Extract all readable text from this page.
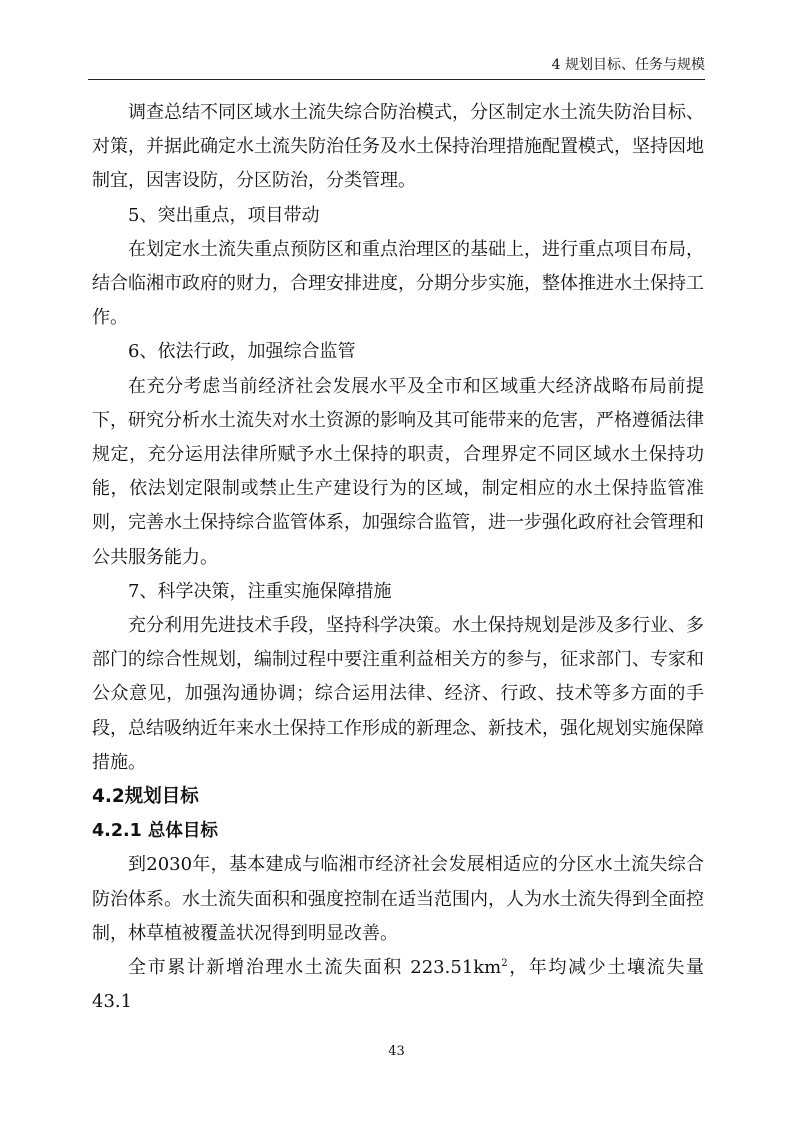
4 规划目标、任务与规模

调查总结不同区域水土流失综合防治模式，分区制定水土流失防治目标、对策，并据此确定水土流失防治任务及水土保持治理措施配置模式，坚持因地制宜，因害设防，分区防治，分类管理。

5、突出重点，项目带动

在划定水土流失重点预防区和重点治理区的基础上，进行重点项目布局，结合临湘市政府的财力，合理安排进度，分期分步实施，整体推进水土保持工作。

6、依法行政，加强综合监管

在充分考虑当前经济社会发展水平及全市和区域重大经济战略布局前提下，研究分析水土流失对水土资源的影响及其可能带来的危害，严格遵循法律规定，充分运用法律所赋予水土保持的职责，合理界定不同区域水土保持功能，依法划定限制或禁止生产建设行为的区域，制定相应的水土保持监管准则，完善水土保持综合监管体系，加强综合监管，进一步强化政府社会管理和公共服务能力。

7、科学决策，注重实施保障措施

充分利用先进技术手段，坚持科学决策。水土保持规划是涉及多行业、多部门的综合性规划，编制过程中要注重利益相关方的参与，征求部门、专家和公众意见，加强沟通协调；综合运用法律、经济、行政、技术等多方面的手段，总结吸纳近年来水土保持工作形成的新理念、新技术，强化规划实施保障措施。

4.2规划目标

4.2.1 总体目标

到2030年，基本建成与临湘市经济社会发展相适应的分区水土流失综合防治体系。水土流失面积和强度控制在适当范围内，人为水土流失得到全面控制，林草植被覆盖状况得到明显改善。

全市累计新增治理水土流失面积 $223.51km^2$，年均减少土壤流失量 43.1

43
